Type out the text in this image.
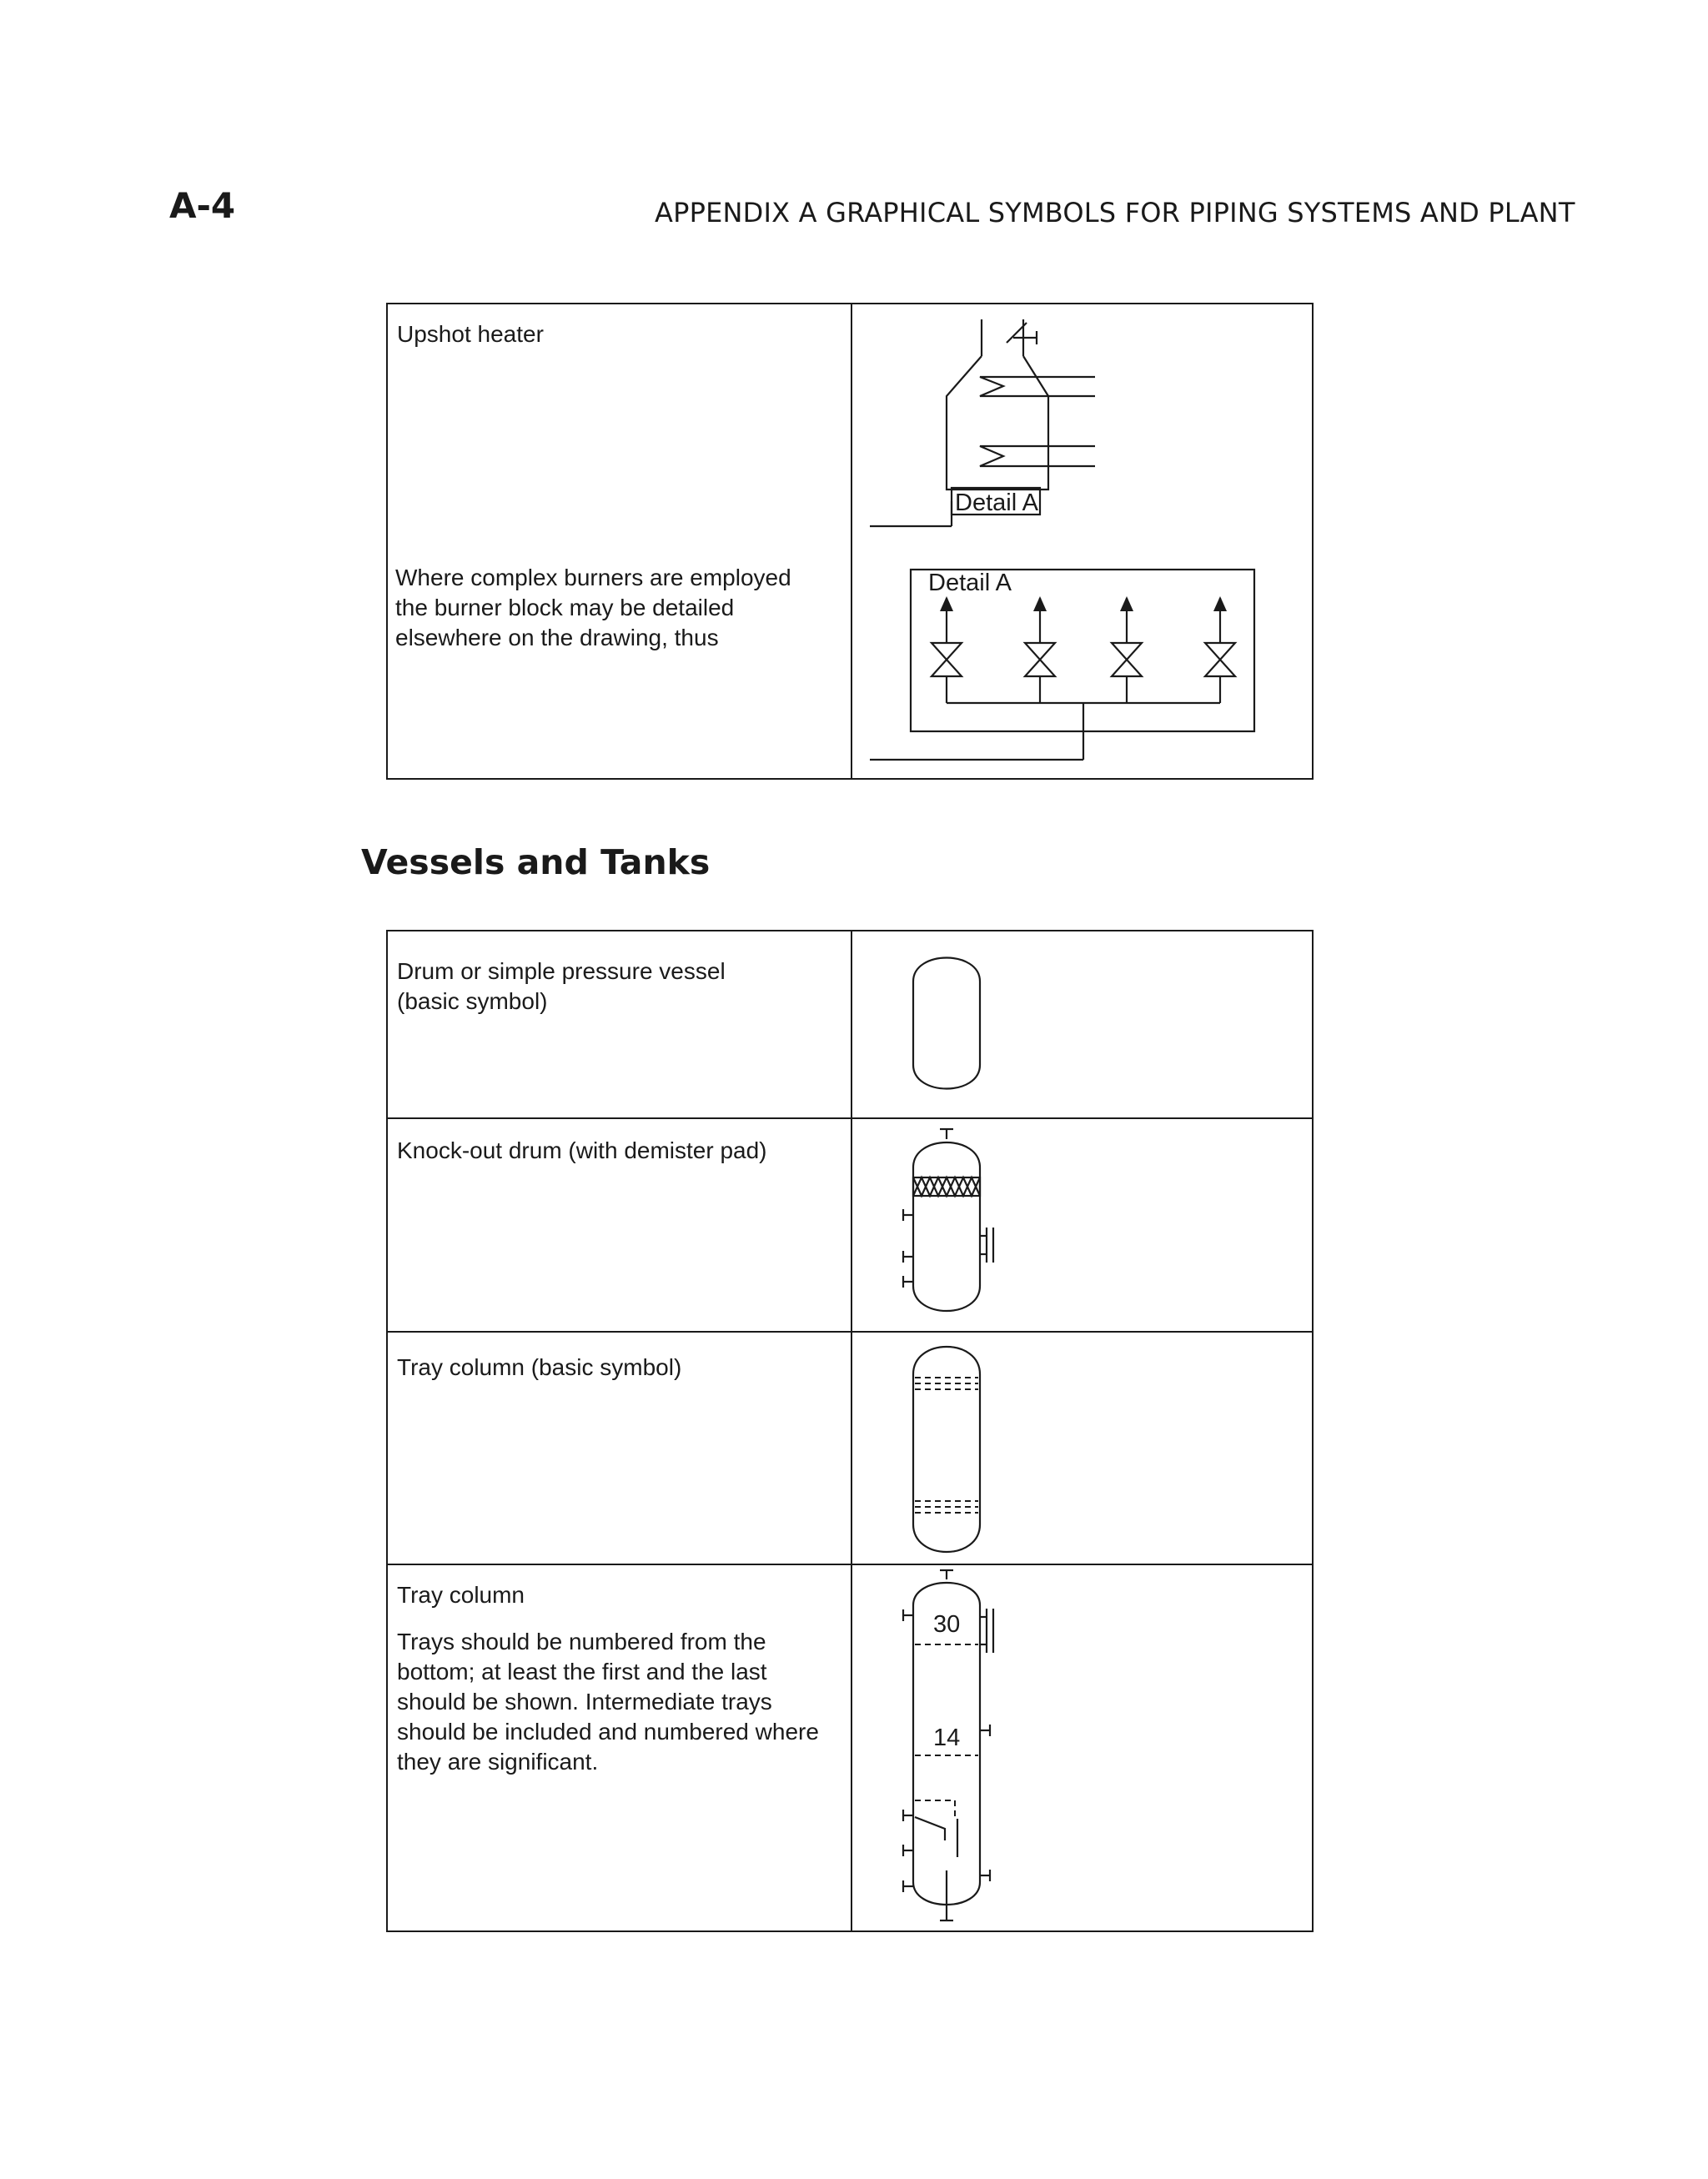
A-4	APPENDIX A GRAPHICAL SYMBOLS FOR PIPING SYSTEMS AND PLANT
Upshot heater
Where complex burners are employed
the burner block may be detailed
elsewhere on the drawing, thus
Detail A
Detail A
Vessels and Tanks
Drum or simple pressure vessel
(basic symbol)
Knock-out drum (with demister pad)
Tray column (basic symbol)
Tray column
Trays should be numbered from the
bottom; at least the first and the last
should be shown. Intermediate trays
should be included and numbered where
they are significant.
30
14
